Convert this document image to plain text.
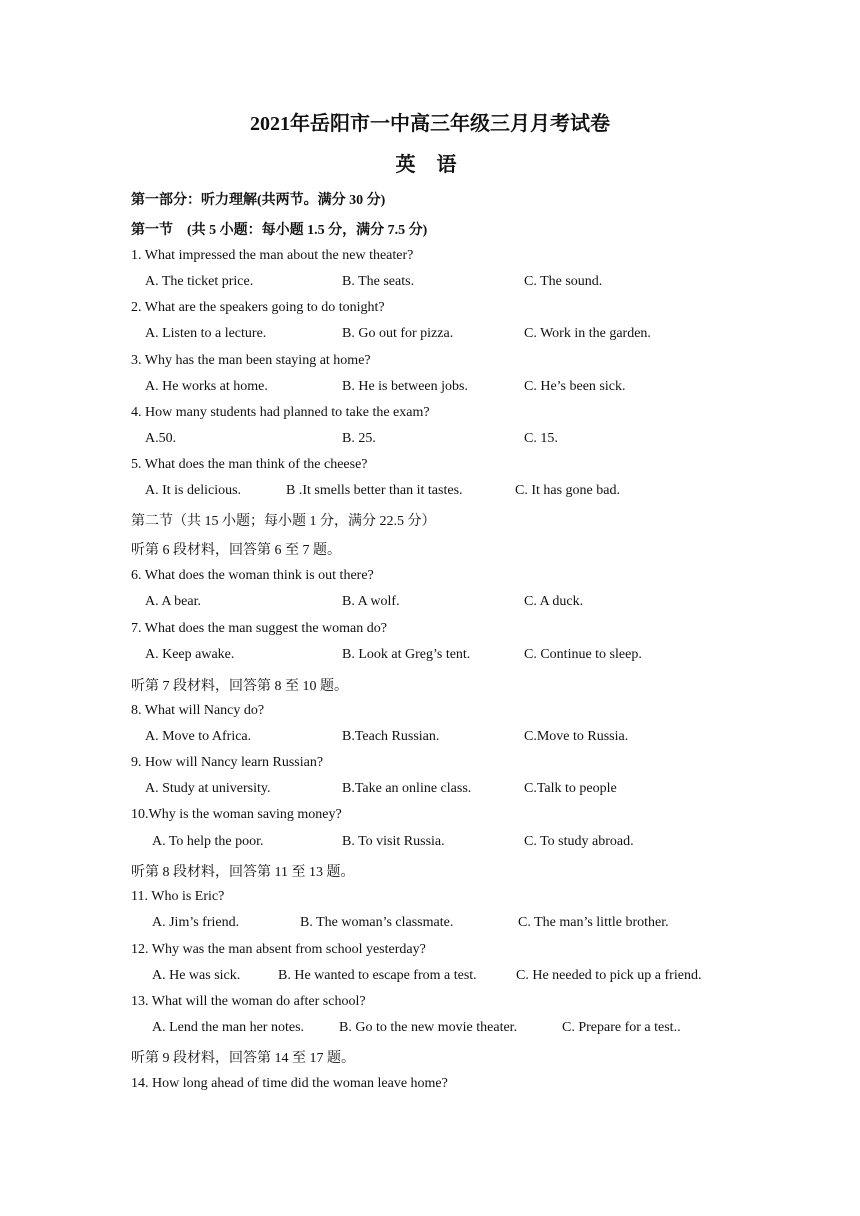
2021年岳阳市一中高三年级三月月考试卷
英 语
第一部分：听力理解(共两节。满分 30 分)
第一节　(共 5 小题：每小题 1.5 分，满分 7.5 分)
1. What impressed the man about the new theater?
A. The ticket price.	B. The seats.	C. The sound.
2. What are the speakers going to do tonight?
A. Listen to a lecture.	B. Go out for pizza.	C. Work in the garden.
3. Why has the man been staying at home?
A. He works at home.	B. He is between jobs.	C. He’s been sick.
4. How many students had planned to take the exam?
A.50.	B. 25.	C. 15.
5. What does the man think of the cheese?
A. It is delicious.	B .It smells better than it tastes.	C. It has gone bad.
第二节（共 15 小题；每小题 1 分，满分 22.5 分）
听第 6 段材料，回答第 6 至 7 题。
6. What does the woman think is out there?
A. A bear.	B. A wolf.	C. A duck.
7. What does the man suggest the woman do?
A. Keep awake.	B. Look at Greg’s tent.	C. Continue to sleep.
听第 7 段材料，回答第 8 至 10 题。
8. What will Nancy do?
A. Move to Africa.	B.Teach Russian.	C.Move to Russia.
9. How will Nancy learn Russian?
A. Study at university.	B.Take an online class.	C.Talk to people
10.Why is the woman saving money?
A. To help the poor.	B. To visit Russia.	C. To study abroad.
听第 8 段材料，回答第 11 至 13 题。
11. Who is Eric?
A. Jim’s friend.	B. The woman’s classmate.	C. The man’s little brother.
12. Why was the man absent from school yesterday?
A. He was sick.	B. He wanted to escape from a test.	C. He needed to pick up a friend.
13. What will the woman do after school?
A. Lend the man her notes. B. Go to the new movie theater.	C. Prepare for a test..
听第 9 段材料，回答第 14 至 17 题。
14. How long ahead of time did the woman leave home?
